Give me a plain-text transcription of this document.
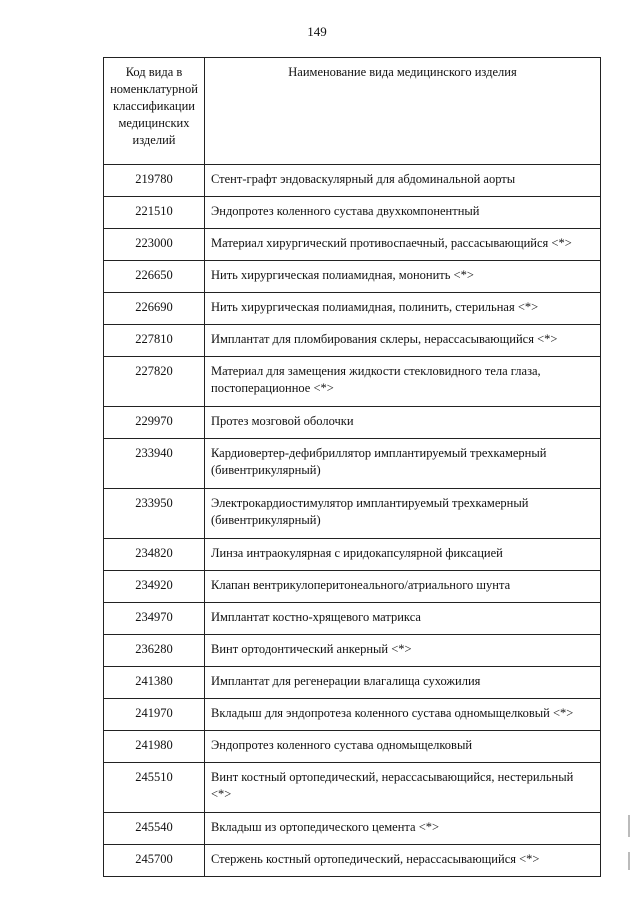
149
Код вида в номенклатурной классификации медицинских изделий	Наименование вида медицинского изделия
219780	Стент-графт эндоваскулярный для абдоминальной аорты
221510	Эндопротез коленного сустава двухкомпонентный
223000	Материал хирургический противоспаечный, рассасывающийся <*>
226650	Нить хирургическая полиамидная, мононить <*>
226690	Нить хирургическая полиамидная, полинить, стерильная <*>
227810	Имплантат для пломбирования склеры, нерассасывающийся <*>
227820	Материал для замещения жидкости стекловидного тела глаза, постоперационное <*>
229970	Протез мозговой оболочки
233940	Кардиовертер-дефибриллятор имплантируемый трехкамерный (бивентрикулярный)
233950	Электрокардиостимулятор имплантируемый трехкамерный (бивентрикулярный)
234820	Линза интраокулярная с иридокапсулярной фиксацией
234920	Клапан вентрикулоперитонеального/атриального шунта
234970	Имплантат костно-хрящевого матрикса
236280	Винт ортодонтический анкерный <*>
241380	Имплантат для регенерации влагалища сухожилия
241970	Вкладыш для эндопротеза коленного сустава одномыщелковый <*>
241980	Эндопротез коленного сустава одномыщелковый
245510	Винт костный ортопедический, нерассасывающийся, нестерильный <*>
245540	Вкладыш из ортопедического цемента <*>
245700	Стержень костный ортопедический, нерассасывающийся <*>
